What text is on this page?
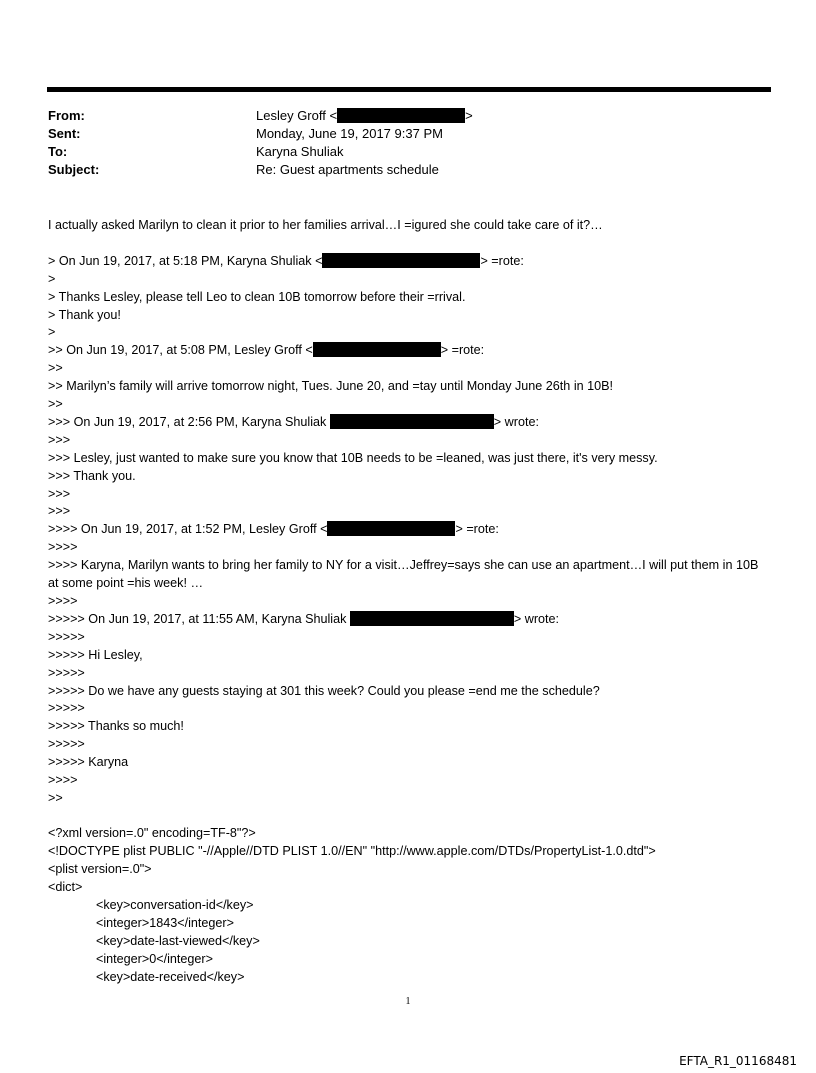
From:	Lesley Groff <	>
Sent:	Monday, June 19, 2017 9:37 PM
To:	Karyna Shuliak
Subject:	Re: Guest apartments schedule
I actually asked Marilyn to clean it prior to her families arrival…I =igured she could take care of it?…
> On Jun 19, 2017, at 5:18 PM, Karyna Shuliak <	> =rote:
>
> Thanks Lesley, please tell Leo to clean 10B tomorrow before their =rrival.
> Thank you!
>
>> On Jun 19, 2017, at 5:08 PM, Lesley Groff <	> =rote:
>>
>> Marilyn’s family will arrive tomorrow night, Tues. June 20, and =tay until Monday June 26th in 10B!
>>
>>> On Jun 19, 2017, at 2:56 PM, Karyna Shuliak	> wrote:
>>>
>>> Lesley, just wanted to make sure you know that 10B needs to be =leaned, was just there, it's very messy.
>>> Thank you.
>>>
>>>
>>>> On Jun 19, 2017, at 1:52 PM, Lesley Groff <	> =rote:
>>>>
>>>> Karyna, Marilyn wants to bring her family to NY for a visit…Jeffrey=says she can use an apartment…I will put them in 10B at some point =his week! …
>>>>
>>>>> On Jun 19, 2017, at 11:55 AM, Karyna Shuliak	> wrote:
>>>>>
>>>>> Hi Lesley,
>>>>>
>>>>> Do we have any guests staying at 301 this week? Could you please =end me the schedule?
>>>>>
>>>>> Thanks so much!
>>>>>
>>>>> Karyna
>>>>
>>
<?xml version=.0" encoding=TF-8"?>
<!DOCTYPE plist PUBLIC "-//Apple//DTD PLIST 1.0//EN" "http://www.apple.com/DTDs/PropertyList-1.0.dtd">
<plist version=.0">
<dict>
<key>conversation-id</key>
<integer>1843</integer>
<key>date-last-viewed</key>
<integer>0</integer>
<key>date-received</key>
1
EFTA_R1_01168481
